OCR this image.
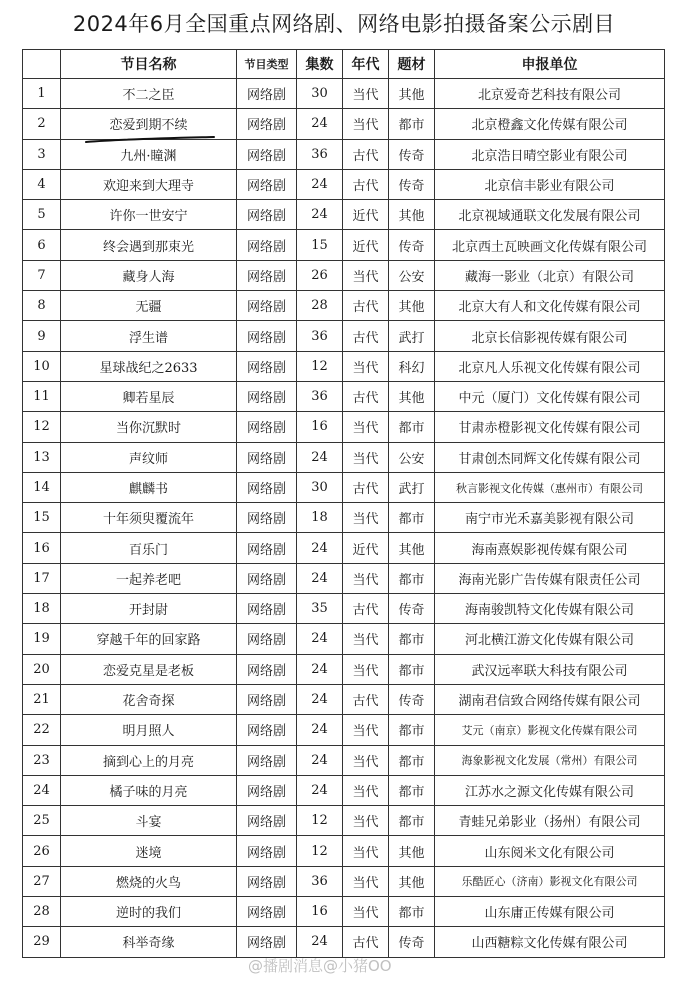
2024年6月全国重点网络剧、网络电影拍摄备案公示剧目
	节目名称	节目类型	集数	年代	题材	申报单位
1	不二之臣	网络剧	30	当代	其他	北京爱奇艺科技有限公司
2	恋爱到期不续	网络剧	24	当代	都市	北京橙鑫文化传媒有限公司
3	九州·瞳渊	网络剧	36	古代	传奇	北京浩日晴空影业有限公司
4	欢迎来到大理寺	网络剧	24	古代	传奇	北京信丰影业有限公司
5	许你一世安宁	网络剧	24	近代	其他	北京视域通联文化发展有限公司
6	终会遇到那束光	网络剧	15	近代	传奇	北京西土瓦映画文化传媒有限公司
7	藏身人海	网络剧	26	当代	公安	藏海一影业（北京）有限公司
8	无疆	网络剧	28	古代	其他	北京大有人和文化传媒有限公司
9	浮生谱	网络剧	36	古代	武打	北京长信影视传媒有限公司
10	星球战纪之2633	网络剧	12	当代	科幻	北京凡人乐视文化传媒有限公司
11	卿若星辰	网络剧	36	古代	其他	中元（厦门）文化传媒有限公司
12	当你沉默时	网络剧	16	当代	都市	甘肃赤橙影视文化传媒有限公司
13	声纹师	网络剧	24	当代	公安	甘肃创杰同辉文化传媒有限公司
14	麒麟书	网络剧	30	古代	武打	秋言影视文化传媒（惠州市）有限公司
15	十年须臾覆流年	网络剧	18	当代	都市	南宁市光禾嘉美影视有限公司
16	百乐门	网络剧	24	近代	其他	海南熹娱影视传媒有限公司
17	一起养老吧	网络剧	24	当代	都市	海南光影广告传媒有限责任公司
18	开封尉	网络剧	35	古代	传奇	海南骏凯特文化传媒有限公司
19	穿越千年的回家路	网络剧	24	当代	都市	河北横江游文化传媒有限公司
20	恋爱克星是老板	网络剧	24	当代	都市	武汉远率联大科技有限公司
21	花舍奇探	网络剧	24	古代	传奇	湖南君信致合网络传媒有限公司
22	明月照人	网络剧	24	当代	都市	艾元（南京）影视文化传媒有限公司
23	摘到心上的月亮	网络剧	24	当代	都市	海象影视文化发展（常州）有限公司
24	橘子味的月亮	网络剧	24	当代	都市	江苏水之源文化传媒有限公司
25	斗宴	网络剧	12	当代	都市	青蛙兄弟影业（扬州）有限公司
26	迷境	网络剧	12	当代	其他	山东阅米文化有限公司
27	燃烧的火鸟	网络剧	36	当代	其他	乐酷匠心（济南）影视文化有限公司
28	逆时的我们	网络剧	16	当代	都市	山东庸正传媒有限公司
29	科举奇缘	网络剧	24	古代	传奇	山西糖粽文化传媒有限公司
@播剧消息@小猪OO
